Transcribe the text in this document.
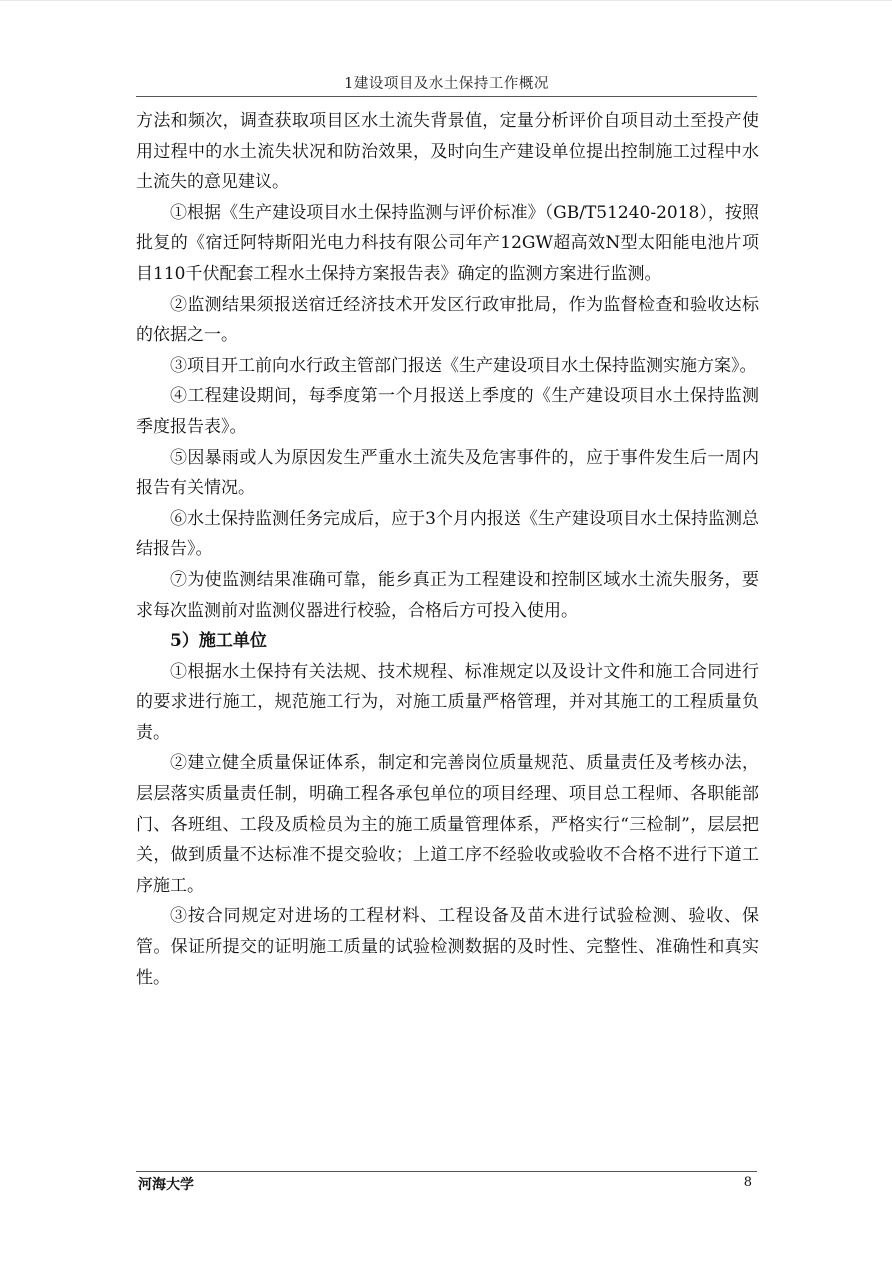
1建设项目及水土保持工作概况

方法和频次，调查获取项目区水土流失背景值，定量分析评价自项目动土至投产使用过程中的水土流失状况和防治效果，及时向生产建设单位提出控制施工过程中水土流失的意见建议。

①根据《生产建设项目水土保持监测与评价标准》（GB/T51240-2018），按照批复的《宿迁阿特斯阳光电力科技有限公司年产12GW超高效N型太阳能电池片项目110千伏配套工程水土保持方案报告表》确定的监测方案进行监测。

②监测结果须报送宿迁经济技术开发区行政审批局，作为监督检查和验收达标的依据之一。

③项目开工前向水行政主管部门报送《生产建设项目水土保持监测实施方案》。

④工程建设期间，每季度第一个月报送上季度的《生产建设项目水土保持监测季度报告表》。

⑤因暴雨或人为原因发生严重水土流失及危害事件的，应于事件发生后一周内报告有关情况。

⑥水土保持监测任务完成后，应于3个月内报送《生产建设项目水土保持监测总结报告》。

⑦为使监测结果准确可靠，能乡真正为工程建设和控制区域水土流失服务，要求每次监测前对监测仪器进行校验，合格后方可投入使用。

5）施工单位

①根据水土保持有关法规、技术规程、标准规定以及设计文件和施工合同进行的要求进行施工，规范施工行为，对施工质量严格管理，并对其施工的工程质量负责。

②建立健全质量保证体系，制定和完善岗位质量规范、质量责任及考核办法，层层落实质量责任制，明确工程各承包单位的项目经理、项目总工程师、各职能部门、各班组、工段及质检员为主的施工质量管理体系，严格实行“三检制”，层层把关，做到质量不达标准不提交验收；上道工序不经验收或验收不合格不进行下道工序施工。

③按合同规定对进场的工程材料、工程设备及苗木进行试验检测、验收、保管。保证所提交的证明施工质量的试验检测数据的及时性、完整性、准确性和真实性。

河海大学	8
